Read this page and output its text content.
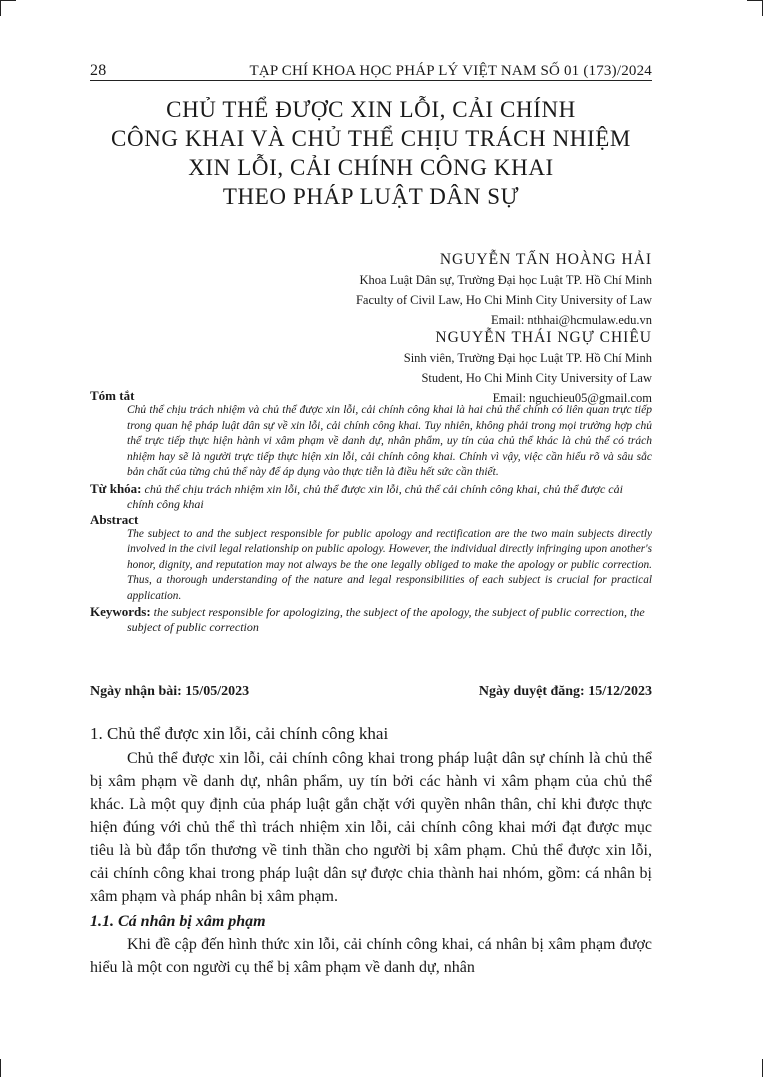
28	TẠP CHÍ KHOA HỌC PHÁP LÝ VIỆT NAM SỐ 01 (173)/2024
CHỦ THỂ ĐƯỢC XIN LỖI, CẢI CHÍNH
CÔNG KHAI VÀ CHỦ THỂ CHỊU TRÁCH NHIỆM
XIN LỖI, CẢI CHÍNH CÔNG KHAI
THEO PHÁP LUẬT DÂN SỰ
NGUYỄN TẤN HOÀNG HẢI
Khoa Luật Dân sự, Trường Đại học Luật TP. Hồ Chí Minh
Faculty of Civil Law, Ho Chi Minh City University of Law
Email: nthhai@hcmulaw.edu.vn
NGUYỄN THÁI NGỰ CHIÊU
Sinh viên, Trường Đại học Luật TP. Hồ Chí Minh
Student, Ho Chi Minh City University of Law
Email: nguchieu05@gmail.com
Tóm tắt
Chủ thể chịu trách nhiệm và chủ thể được xin lỗi, cải chính công khai là hai chủ thể chính có liên quan trực tiếp trong quan hệ pháp luật dân sự về xin lỗi, cải chính công khai. Tuy nhiên, không phải trong mọi trường hợp chủ thể trực tiếp thực hiện hành vi xâm phạm về danh dự, nhân phẩm, uy tín của chủ thể khác là chủ thể có trách nhiệm hay sẽ là người trực tiếp thực hiện xin lỗi, cải chính công khai. Chính vì vậy, việc cần hiểu rõ và sâu sắc bản chất của từng chủ thể này để áp dụng vào thực tiễn là điều hết sức cần thiết.
Từ khóa: chủ thể chịu trách nhiệm xin lỗi, chủ thể được xin lỗi, chủ thể cải chính công khai, chủ thể được cải chính công khai
Abstract
The subject to and the subject responsible for public apology and rectification are the two main subjects directly involved in the civil legal relationship on public apology. However, the individual directly infringing upon another's honor, dignity, and reputation may not always be the one legally obliged to make the apology or public correction. Thus, a thorough understanding of the nature and legal responsibilities of each subject is crucial for practical application.
Keywords: the subject responsible for apologizing, the subject of the apology, the subject of public correction, the subject of public correction
Ngày nhận bài: 15/05/2023	Ngày duyệt đăng: 15/12/2023
1. Chủ thể được xin lỗi, cải chính công khai

Chủ thể được xin lỗi, cải chính công khai trong pháp luật dân sự chính là chủ thể bị xâm phạm về danh dự, nhân phẩm, uy tín bởi các hành vi xâm phạm của chủ thể khác. Là một quy định của pháp luật gắn chặt với quyền nhân thân, chỉ khi được thực hiện đúng với chủ thể thì trách nhiệm xin lỗi, cải chính công khai mới đạt được mục tiêu là bù đắp tổn thương về tinh thần cho người bị xâm phạm. Chủ thể được xin lỗi, cải chính công khai trong pháp luật dân sự được chia thành hai nhóm, gồm: cá nhân bị xâm phạm và pháp nhân bị xâm phạm.

1.1. Cá nhân bị xâm phạm

Khi đề cập đến hình thức xin lỗi, cải chính công khai, cá nhân bị xâm phạm được hiểu là một con người cụ thể bị xâm phạm về danh dự, nhân
